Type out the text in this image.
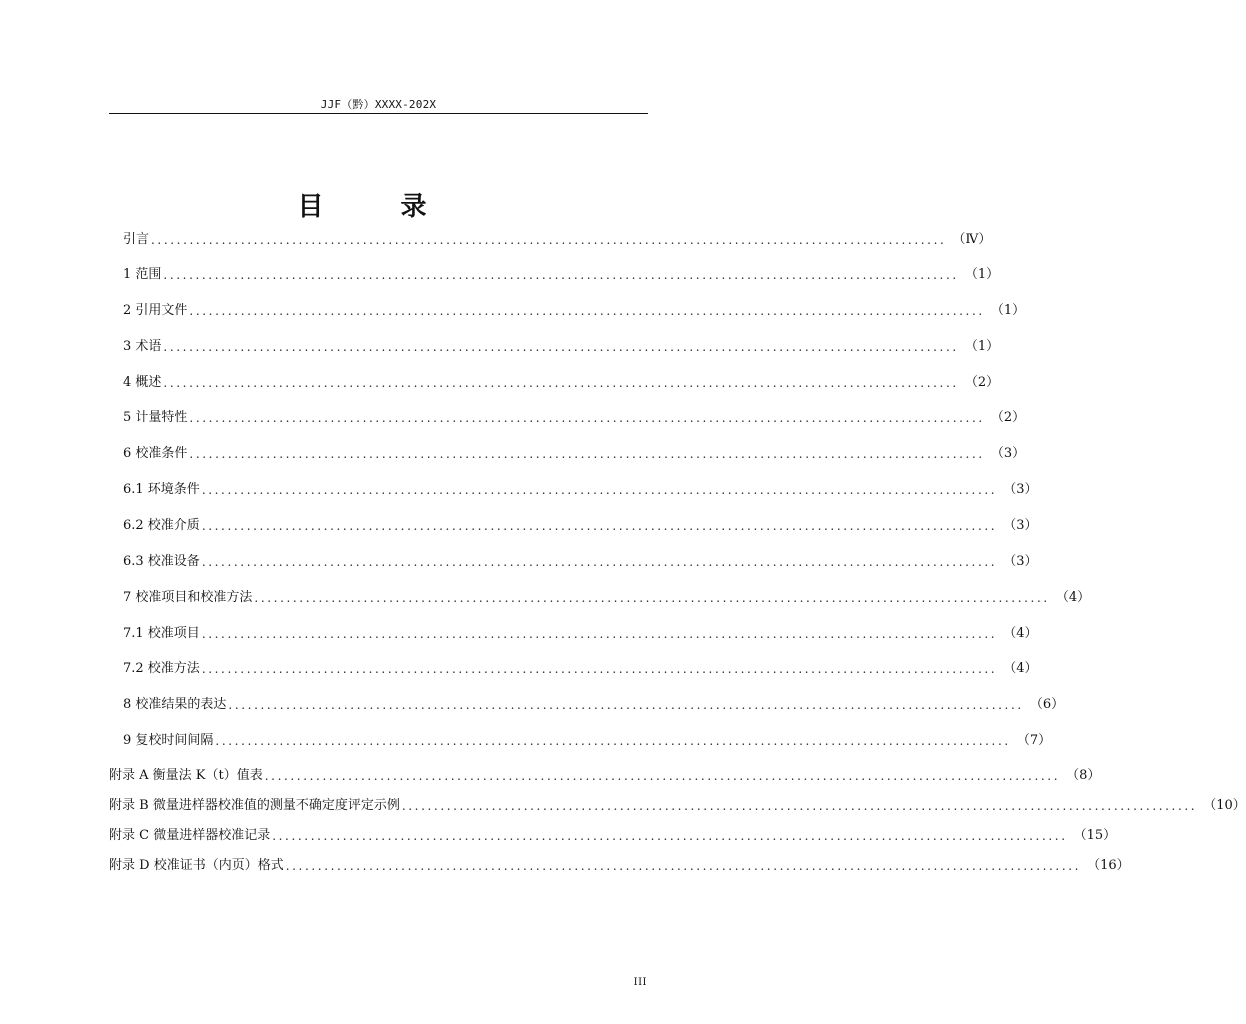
JJF（黔）XXXX-202X
目 录
引言 ............................................................................................................................ （Ⅳ）
1 范围 ............................................................................................................................ （1）
2 引用文件 ............................................................................................................................ （1）
3 术语 ............................................................................................................................ （1）
4 概述 ............................................................................................................................ （2）
5 计量特性 ............................................................................................................................ （2）
6 校准条件 ............................................................................................................................ （3）
6.1 环境条件 ............................................................................................................................ （3）
6.2 校准介质 ............................................................................................................................ （3）
6.3 校准设备 ............................................................................................................................ （3）
7 校准项目和校准方法 ............................................................................................................................ （4）
7.1 校准项目 ............................................................................................................................ （4）
7.2 校准方法 ............................................................................................................................ （4）
8 校准结果的表达 ............................................................................................................................ （6）
9 复校时间间隔 ............................................................................................................................ （7）
附录 A 衡量法 K（t）值表 ............................................................................................................................ （8）
附录 B 微量进样器校准值的测量不确定度评定示例 ............................................................................................................................ （10）
附录 C 微量进样器校准记录 ............................................................................................................................ （15）
附录 D 校准证书（内页）格式 ............................................................................................................................ （16）
III
